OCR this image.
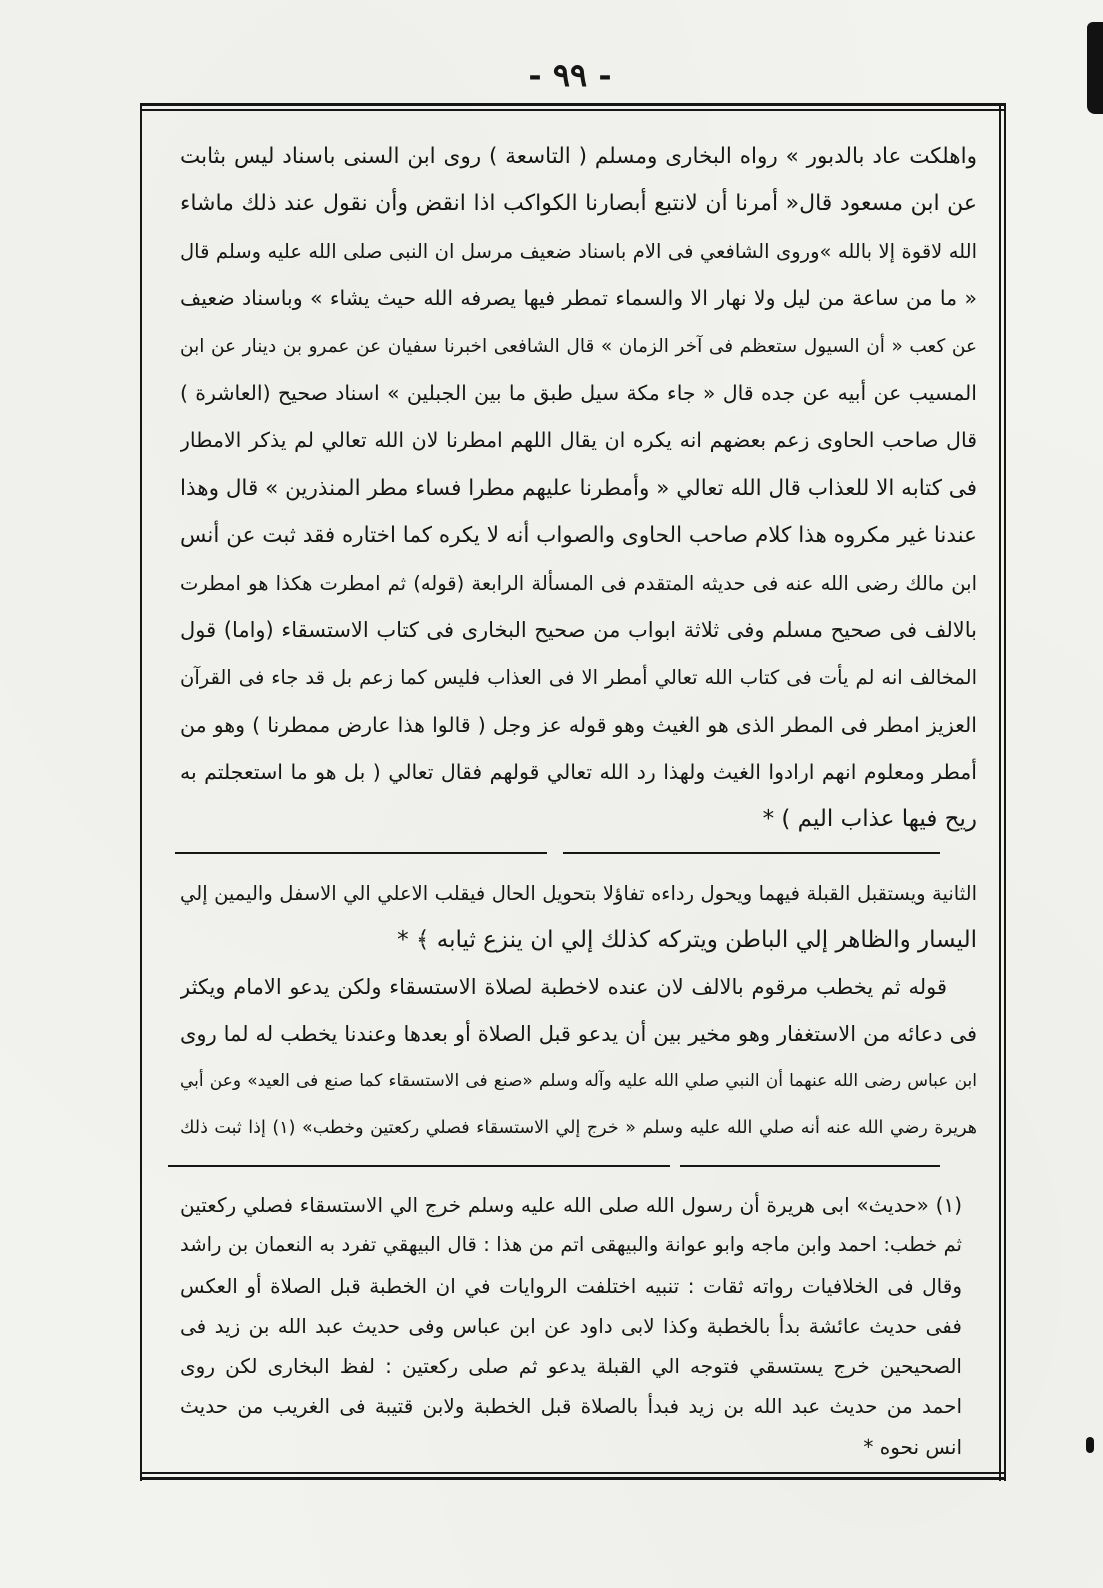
- ٩٩ -
واهلكت عاد بالدبور » رواه البخارى ومسلم ( التاسعة ) روى ابن السنى باسناد ليس بثابت
عن ابن مسعود قال« أمرنا أن لانتبع أبصارنا الكواكب اذا انقض وأن نقول عند ذلك ماشاء
الله لاقوة إلا بالله »وروى الشافعي فى الام باسناد ضعيف مرسل ان النبى صلى الله عليه وسلم قال
« ما من ساعة من ليل ولا نهار الا والسماء تمطر فيها يصرفه الله حيث يشاء » وباسناد ضعيف
عن كعب « أن السيول ستعظم فى آخر الزمان » قال الشافعى اخبرنا سفيان عن عمرو بن دينار عن ابن
المسيب عن أبيه عن جده قال « جاء مكة سيل طبق ما بين الجبلين » اسناد صحيح (العاشرة )
قال صاحب الحاوى زعم بعضهم انه يكره ان يقال اللهم امطرنا لان الله تعالي لم يذكر الامطار
فى كتابه الا للعذاب قال الله تعالي « وأمطرنا عليهم مطرا فساء مطر المنذرين » قال وهذا
عندنا غير مكروه هذا كلام صاحب الحاوى والصواب أنه لا يكره كما اختاره فقد ثبت عن أنس
ابن مالك رضى الله عنه فى حديثه المتقدم فى المسألة الرابعة (قوله) ثم امطرت هكذا هو امطرت
بالالف فى صحيح مسلم وفى ثلاثة ابواب من صحيح البخارى فى كتاب الاستسقاء (واما) قول
المخالف انه لم يأت فى كتاب الله تعالي أمطر الا فى العذاب فليس كما زعم بل قد جاء فى القرآن
العزيز امطر فى المطر الذى هو الغيث وهو قوله عز وجل ( قالوا هذا عارض ممطرنا ) وهو من
أمطر ومعلوم انهم ارادوا الغيث ولهذا رد الله تعالي قولهم فقال تعالي ( بل هو ما استعجلتم به
ريح فيها عذاب اليم ) *
الثانية ويستقبل القبلة فيهما ويحول رداءه تفاؤلا بتحويل الحال فيقلب الاعلي الي الاسفل واليمين إلي
اليسار والظاهر إلي الباطن ويتركه كذلك إلي ان ينزع ثيابه ﴾ *
قوله ثم يخطب مرقوم بالالف لان عنده لاخطبة لصلاة الاستسقاء ولكن يدعو الامام ويكثر
فى دعائه من الاستغفار وهو مخير بين أن يدعو قبل الصلاة أو بعدها وعندنا يخطب له لما روى
ابن عباس رضى الله عنهما أن النبي صلي الله عليه وآله وسلم «صنع فى الاستسقاء كما صنع فى العيد» وعن أبي
هريرة رضي الله عنه أنه صلي الله عليه وسلم « خرج إلي الاستسقاء فصلي ركعتين وخطب» (١) إذا ثبت ذلك
(١) «حديث» ابى هريرة أن رسول الله صلى الله عليه وسلم خرج الي الاستسقاء فصلي ركعتين
ثم خطب: احمد وابن ماجه وابو عوانة والبيهقى اتم من هذا : قال البيهقي تفرد به النعمان بن راشد
وقال فى الخلافيات رواته ثقات : تنبيه اختلفت الروايات في ان الخطبة قبل الصلاة أو العكس
ففى حديث عائشة بدأ بالخطبة وكذا لابى داود عن ابن عباس وفى حديث عبد الله بن زيد فى
الصحيحين خرج يستسقي فتوجه الي القبلة يدعو ثم صلى ركعتين : لفظ البخارى لكن روى
احمد من حديث عبد الله بن زيد فبدأ بالصلاة قبل الخطبة ولابن قتيبة فى الغريب من حديث
انس نحوه *
